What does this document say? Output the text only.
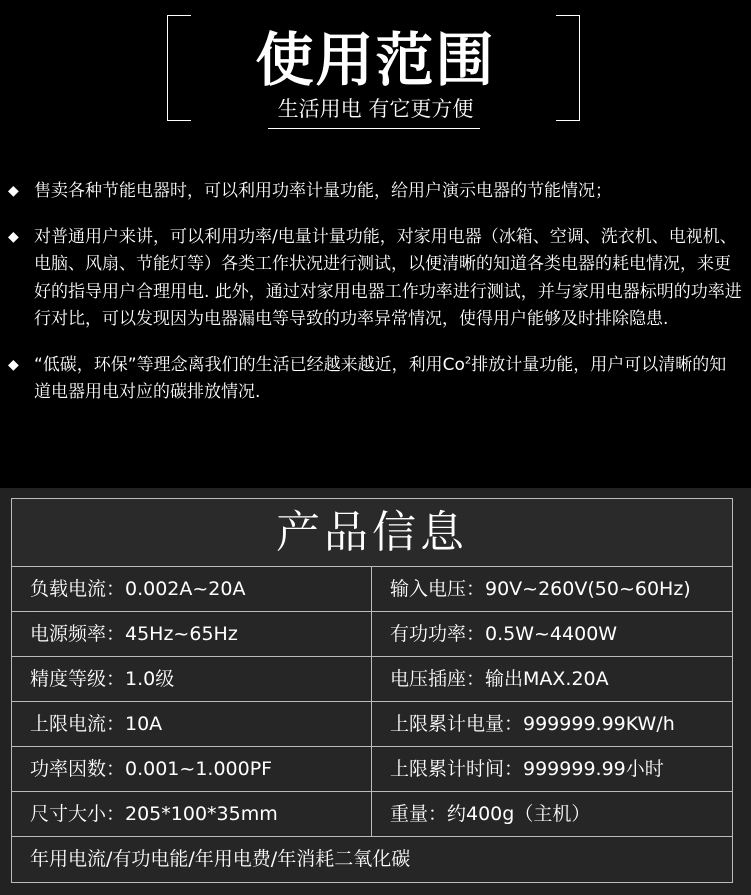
使用范围
生活用电 有它更方便
◆ 售卖各种节能电器时，可以利用功率计量功能，给用户演示电器的节能情况；
◆ 对普通用户来讲，可以利用功率/电量计量功能，对家用电器（冰箱、空调、洗衣机、电视机、电脑、风扇、节能灯等）各类工作状况进行测试，以便清晰的知道各类电器的耗电情况，来更好的指导用户合理用电. 此外，通过对家用电器工作功率进行测试，并与家用电器标明的功率进行对比，可以发现因为电器漏电等导致的功率异常情况，使得用户能够及时排除隐患.
◆ “低碳，环保”等理念离我们的生活已经越来越近，利用Co$^2$排放计量功能，用户可以清晰的知道电器用电对应的碳排放情况.
产品信息
负载电流：0.002A~20A	输入电压：90V~260V(50~60Hz)
电源频率：45Hz~65Hz	有功功率：0.5W~4400W
精度等级：1.0级	电压插座：输出MAX.20A
上限电流：10A	上限累计电量：999999.99KW/h
功率因数：0.001~1.000PF	上限累计时间：999999.99小时
尺寸大小：205*100*35mm	重量：约400g（主机）
年用电流/有功电能/年用电费/年消耗二氧化碳
